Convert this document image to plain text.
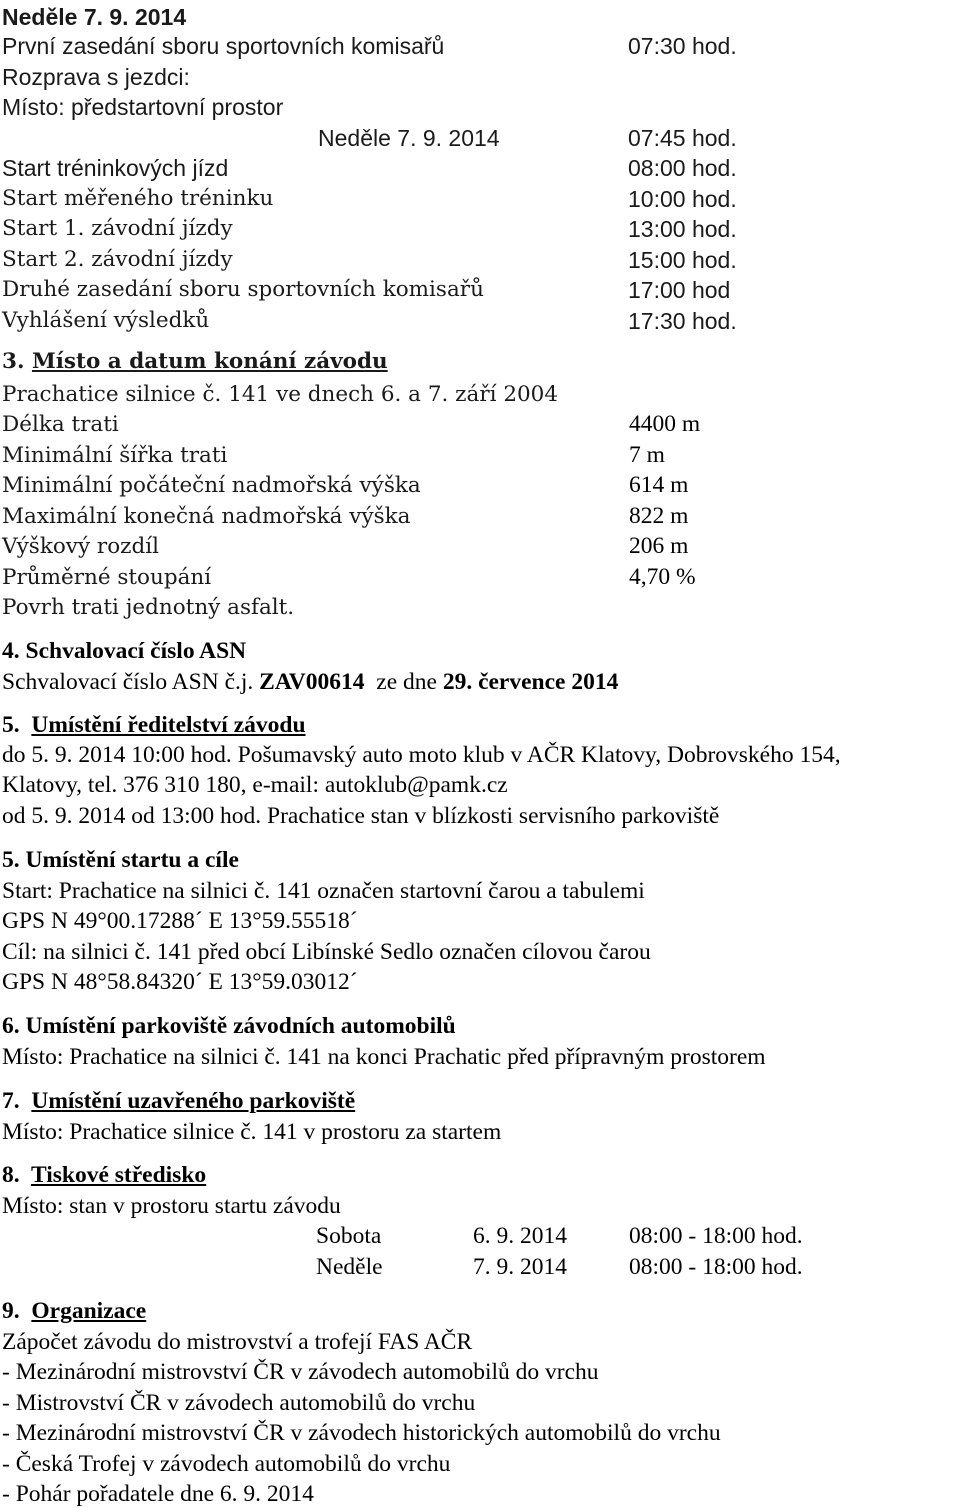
Neděle 7. 9. 2014
První zasedání sboru sportovních komisařů	07:30 hod.
Rozprava s jezdci:
Místo: předstartovní prostor
Neděle 7. 9. 2014	07:45 hod.
Start tréninkových jízd	08:00 hod.
Start měřeného tréninku	10:00 hod.
Start 1. závodní jízdy	13:00 hod.
Start 2. závodní jízdy	15:00 hod.
Druhé zasedání sboru sportovních komisařů	17:00 hod
Vyhlášení výsledků	17:30 hod.
3. Místo a datum konání závodu
Prachatice silnice č. 141 ve dnech 6. a 7. září 2004
Délka trati	4400 m
Minimální šířka trati	7 m
Minimální počáteční nadmořská výška	614 m
Maximální konečná nadmořská výška	822 m
Výškový rozdíl	206 m
Průměrné stoupání	4,70 %
Povrh trati jednotný asfalt.
4. Schvalovací číslo ASN
Schvalovací číslo ASN č.j. ZAV00614 ze dne 29. července 2014
5. Umístění ředitelství závodu
do 5. 9. 2014 10:00 hod. Pošumavský auto moto klub v AČR Klatovy, Dobrovského 154,
Klatovy, tel. 376 310 180, e-mail: autoklub@pamk.cz
od 5. 9. 2014 od 13:00 hod. Prachatice stan v blízkosti servisního parkoviště
5. Umístění startu a cíle
Start: Prachatice na silnici č. 141 označen startovní čarou a tabulemi
GPS N 49°00.17288´ E 13°59.55518´
Cíl: na silnici č. 141 před obcí Libínské Sedlo označen cílovou čarou
GPS N 48°58.84320´ E 13°59.03012´
6. Umístění parkoviště závodních automobilů
Místo: Prachatice na silnici č. 141 na konci Prachatic před přípravným prostorem
7. Umístění uzavřeného parkoviště
Místo: Prachatice silnice č. 141 v prostoru za startem
8. Tiskové středisko
Místo: stan v prostoru startu závodu
Sobota	6. 9. 2014	08:00 - 18:00 hod.
Neděle	7. 9. 2014	08:00 - 18:00 hod.
9. Organizace
Zápočet závodu do mistrovství a trofejí FAS AČR
- Mezinárodní mistrovství ČR v závodech automobilů do vrchu
- Mistrovství ČR v závodech automobilů do vrchu
- Mezinárodní mistrovství ČR v závodech historických automobilů do vrchu
- Česká Trofej v závodech automobilů do vrchu
- Pohár pořadatele dne 6. 9. 2014
